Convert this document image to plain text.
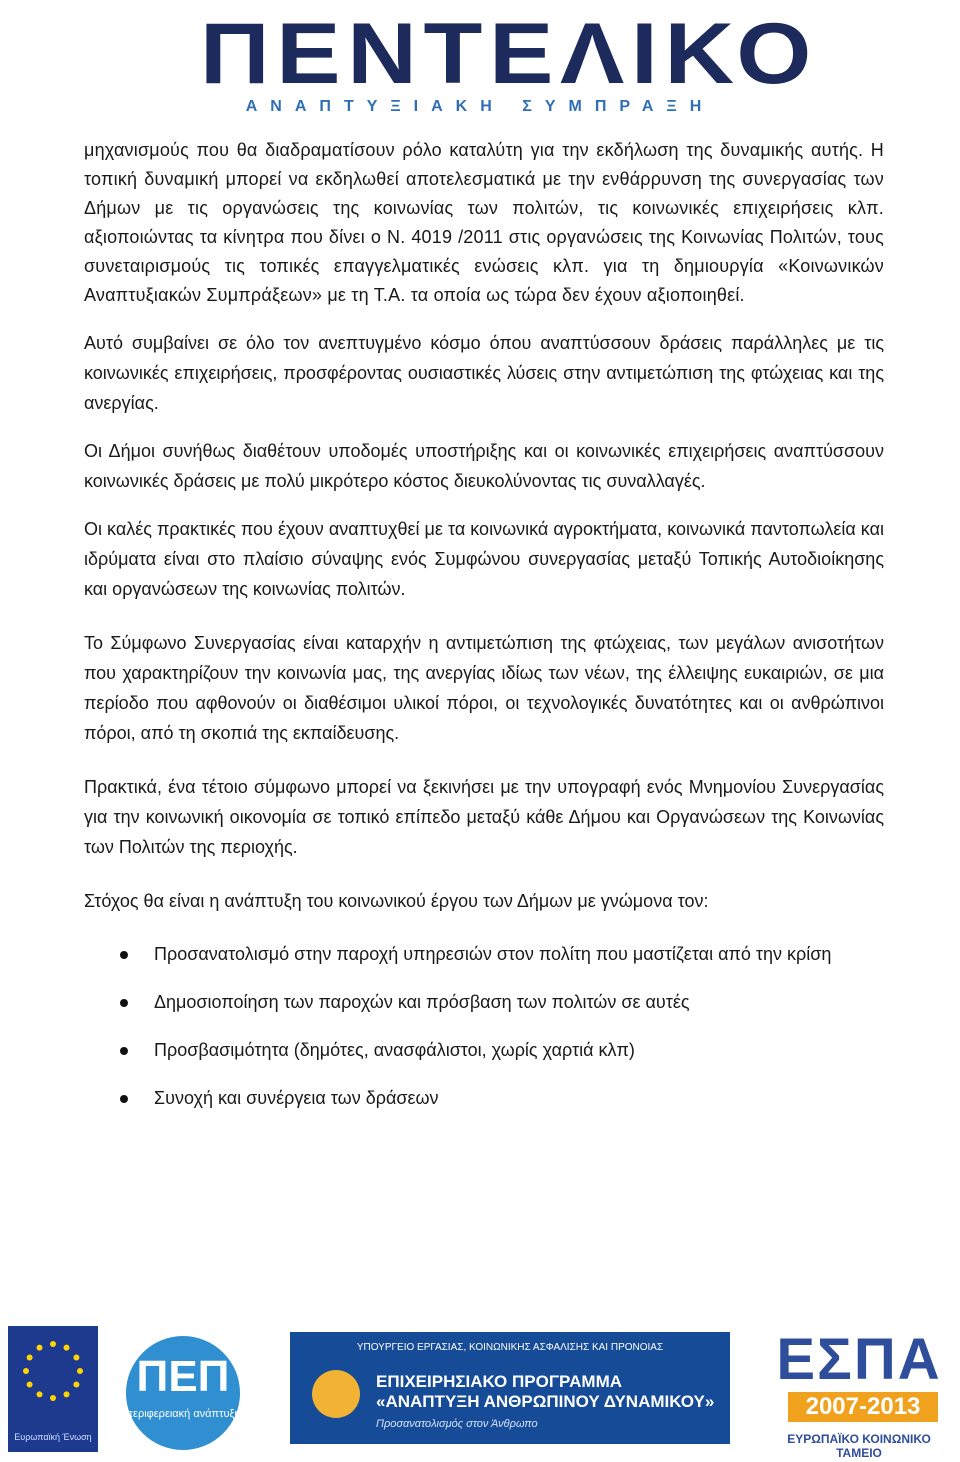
ΠΕΝΤΕΛΙΚΟ
ΑΝΑΠΤΥΞΙΑΚΗ ΣΥΜΠΡΑΞΗ

μηχανισμούς που θα διαδραματίσουν ρόλο καταλύτη για την εκδήλωση της δυναμικής αυτής. Η τοπική δυναμική μπορεί να εκδηλωθεί αποτελεσματικά με την ενθάρρυνση της συνεργασίας των Δήμων με τις οργανώσεις της κοινωνίας των πολιτών, τις κοινωνικές επιχειρήσεις κλπ. αξιοποιώντας τα κίνητρα που δίνει ο Ν. 4019 /2011 στις οργανώσεις της Κοινωνίας Πολιτών, τους συνεταιρισμούς τις τοπικές επαγγελματικές ενώσεις κλπ. για τη δημιουργία «Κοινωνικών Αναπτυξιακών Συμπράξεων» με τη Τ.Α. τα οποία ως τώρα δεν έχουν αξιοποιηθεί.

Αυτό συμβαίνει σε όλο τον ανεπτυγμένο κόσμο όπου αναπτύσσουν δράσεις παράλληλες με τις κοινωνικές επιχειρήσεις, προσφέροντας ουσιαστικές λύσεις στην αντιμετώπιση της φτώχειας και της ανεργίας.

Οι Δήμοι συνήθως διαθέτουν υποδομές υποστήριξης και οι κοινωνικές επιχειρήσεις αναπτύσσουν κοινωνικές δράσεις με πολύ μικρότερο κόστος διευκολύνοντας τις συναλλαγές.

Οι καλές πρακτικές που έχουν αναπτυχθεί με τα κοινωνικά αγροκτήματα, κοινωνικά παντοπωλεία και ιδρύματα είναι στο πλαίσιο σύναψης ενός Συμφώνου συνεργασίας μεταξύ Τοπικής Αυτοδιοίκησης και οργανώσεων της κοινωνίας πολιτών.

Το Σύμφωνο Συνεργασίας είναι καταρχήν η αντιμετώπιση της φτώχειας, των μεγάλων ανισοτήτων που χαρακτηρίζουν την κοινωνία μας, της ανεργίας ιδίως των νέων, της έλλειψης ευκαιριών, σε μια περίοδο που αφθονούν οι διαθέσιμοι υλικοί πόροι, οι τεχνολογικές δυνατότητες και οι ανθρώπινοι πόροι, από τη σκοπιά της εκπαίδευσης.

Πρακτικά, ένα τέτοιο σύμφωνο μπορεί να ξεκινήσει με την υπογραφή ενός Μνημονίου Συνεργασίας για την κοινωνική οικονομία σε τοπικό επίπεδο μεταξύ κάθε Δήμου και Οργανώσεων της Κοινωνίας των Πολιτών της περιοχής.

Στόχος θα είναι η ανάπτυξη του κοινωνικού έργου των Δήμων με γνώμονα τον:

Προσανατολισμό στην παροχή υπηρεσιών στον πολίτη που μαστίζεται από την κρίση
Δημοσιοποίηση των παροχών και πρόσβαση των πολιτών σε αυτές
Προσβασιμότητα (δημότες, ανασφάλιστοι, χωρίς χαρτιά κλπ)
Συνοχή και συνέργεια των δράσεων
Ευρωπαϊκή Ένωση
ΠΕΠ
περιφερειακή ανάπτυξη
ΥΠΟΥΡΓΕΙΟ ΕΡΓΑΣΙΑΣ, ΚΟΙΝΩΝΙΚΗΣ ΑΣΦΑΛΙΣΗΣ ΚΑΙ ΠΡΟΝΟΙΑΣ
ΕΠΙΧΕΙΡΗΣΙΑΚΟ ΠΡΟΓΡΑΜΜΑ «ΑΝΑΠΤΥΞΗ ΑΝΘΡΩΠΙΝΟΥ ΔΥΝΑΜΙΚΟΥ»
Προσανατολισμός στον Άνθρωπο
ΕΣΠΑ
2007-2013
ΕΥΡΩΠΑΪΚΟ ΚΟΙΝΩΝΙΚΟ ΤΑΜΕΙΟ
